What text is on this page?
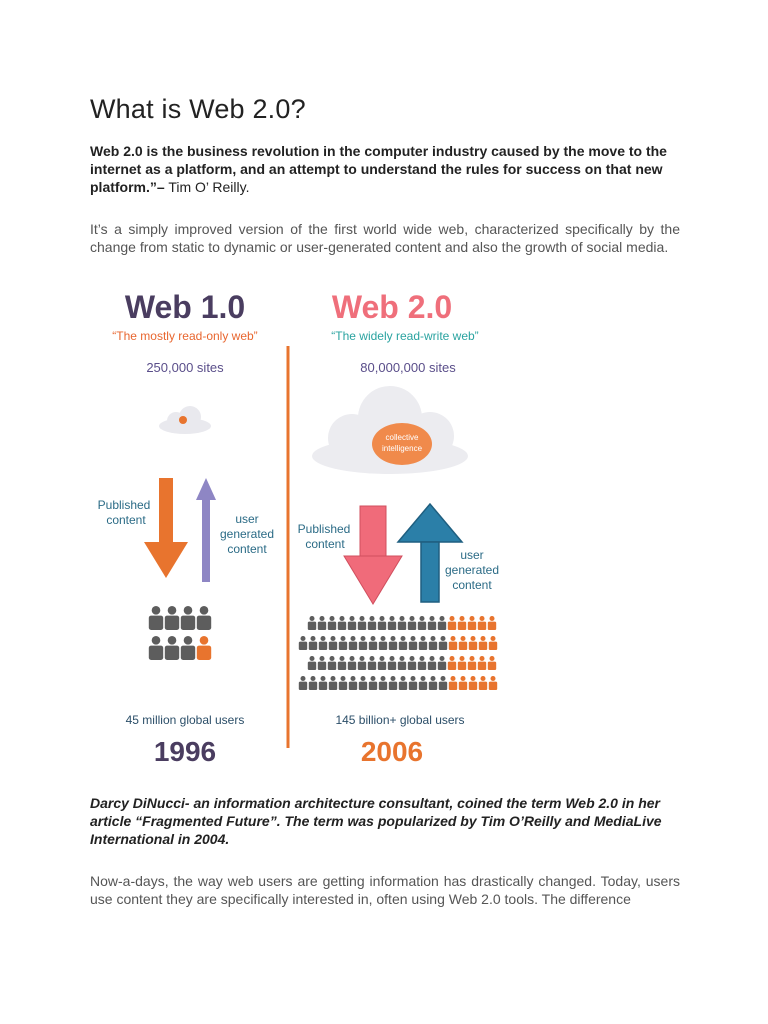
What is Web 2.0?

Web 2.0 is the business revolution in the computer industry caused by the move to the internet as a platform, and an attempt to understand the rules for success on that new platform.”– Tim O’ Reilly.

It’s a simply improved version of the first world wide web, characterized specifically by the change from static to dynamic or user-generated content and also the growth of social media.

Web 1.0
“The mostly read-only web”
250,000 sites
Published
content	user
generated
content
45 million global users
1996
Web 2.0
“The widely read-write web”
80,000,000 sites
collective
intelligence
Published
content
user
generated
content
145 billion+ global users
2006

Darcy DiNucci- an information architecture consultant, coined the term Web 2.0 in her article “Fragmented Future”. The term was popularized by Tim O’Reilly and MediaLive International in 2004.

Now-a-days, the way web users are getting information has drastically changed. Today, users use content they are specifically interested in, often using Web 2.0 tools. The difference
